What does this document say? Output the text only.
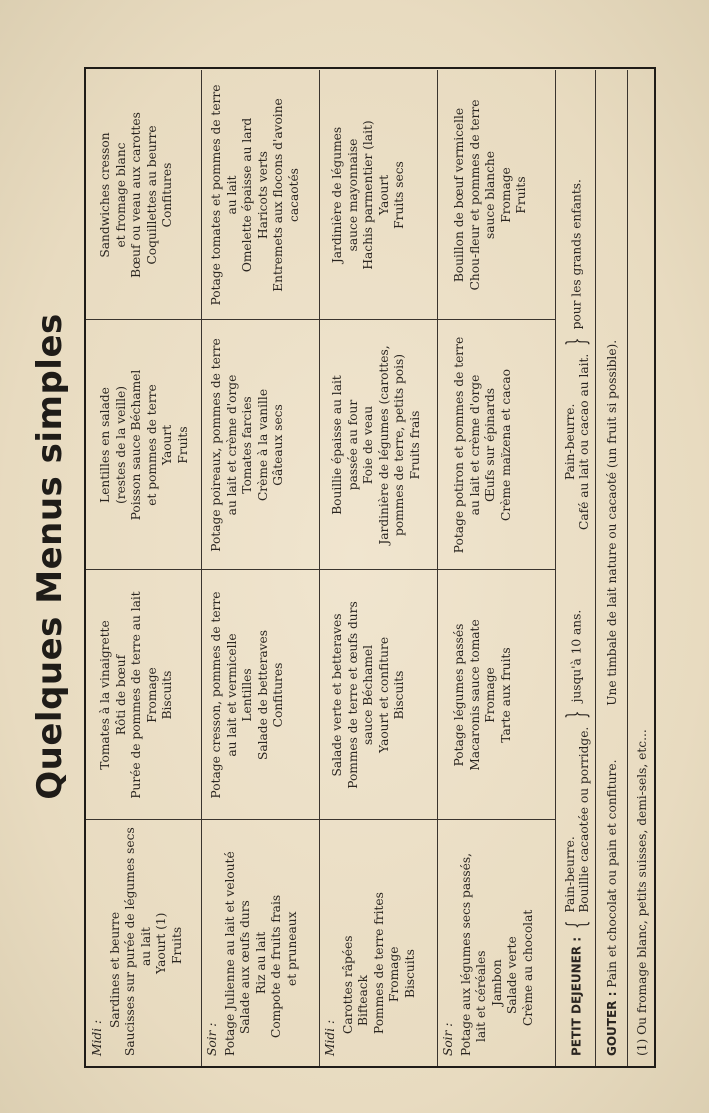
Quelques Menus simples
Midi :
Sardines et beurre Saucisses sur purée de légumes secs au lait Yaourt (1) Fruits
Tomates à la vinaigrette Rôti de bœuf Purée de pommes de terre au lait Fromage Biscuits
Lentilles en salade (restes de la veille) Poisson sauce Béchamel et pommes de terre Yaourt Fruits
Sandwiches cresson et fromage blanc Bœuf ou veau aux carottes Coquillettes au beurre Confitures
Soir : Potage Julienne au lait et velouté Salade aux œufs durs Riz au lait Compote de fruits frais et pruneaux
Potage cresson, pommes de terre au lait et vermicelle Lentilles Salade de betteraves Confitures
Potage poireaux, pommes de terre au lait et crème d'orge Tomates farcies Crème à la vanille Gâteaux secs
Potage tomates et pommes de terre au lait Omelette épaisse au lard Haricots verts Entremets aux flocons d'avoine cacaotés
Midi :
Carottes râpées Bifteack Pommes de terre frites Fromage Biscuits
Salade verte et betteraves Pommes de terre et œufs durs sauce Béchamel Yaourt et confiture Biscuits
Bouillie épaisse au lait passée au four Foie de veau Jardinière de légumes (carottes, pommes de terre, petits pois) Fruits frais
Jardinière de légumes sauce mayonnaise Hachis parmentier (lait) Yaourt Fruits secs
Soir : Potage aux légumes secs passés, lait et céréales Jambon Salade verte Crème au chocolat
Potage légumes passés Macaronis sauce tomate Fromage Tarte aux fruits
Potage potiron et pommes de terre au lait et crème d'orge Œufs sur épinards Crème maïzena et cacao
Bouillon de bœuf vermicelle Chou-fleur et pommes de terre sauce blanche Fromage Fruits
PETIT DEJEUNER : {
Pain-beurre. Bouillie cacaotée ou porridge.
} jusqu'à 10 ans.
Pain-beurre. Café au lait ou cacao au lait.
} pour les grands enfants.
GOUTER : Pain et chocolat ou pain et confiture.  Une timbale de lait nature ou cacaoté (un fruit si possible).
(1) Ou fromage blanc, petits suisses, demi-sels, etc...
